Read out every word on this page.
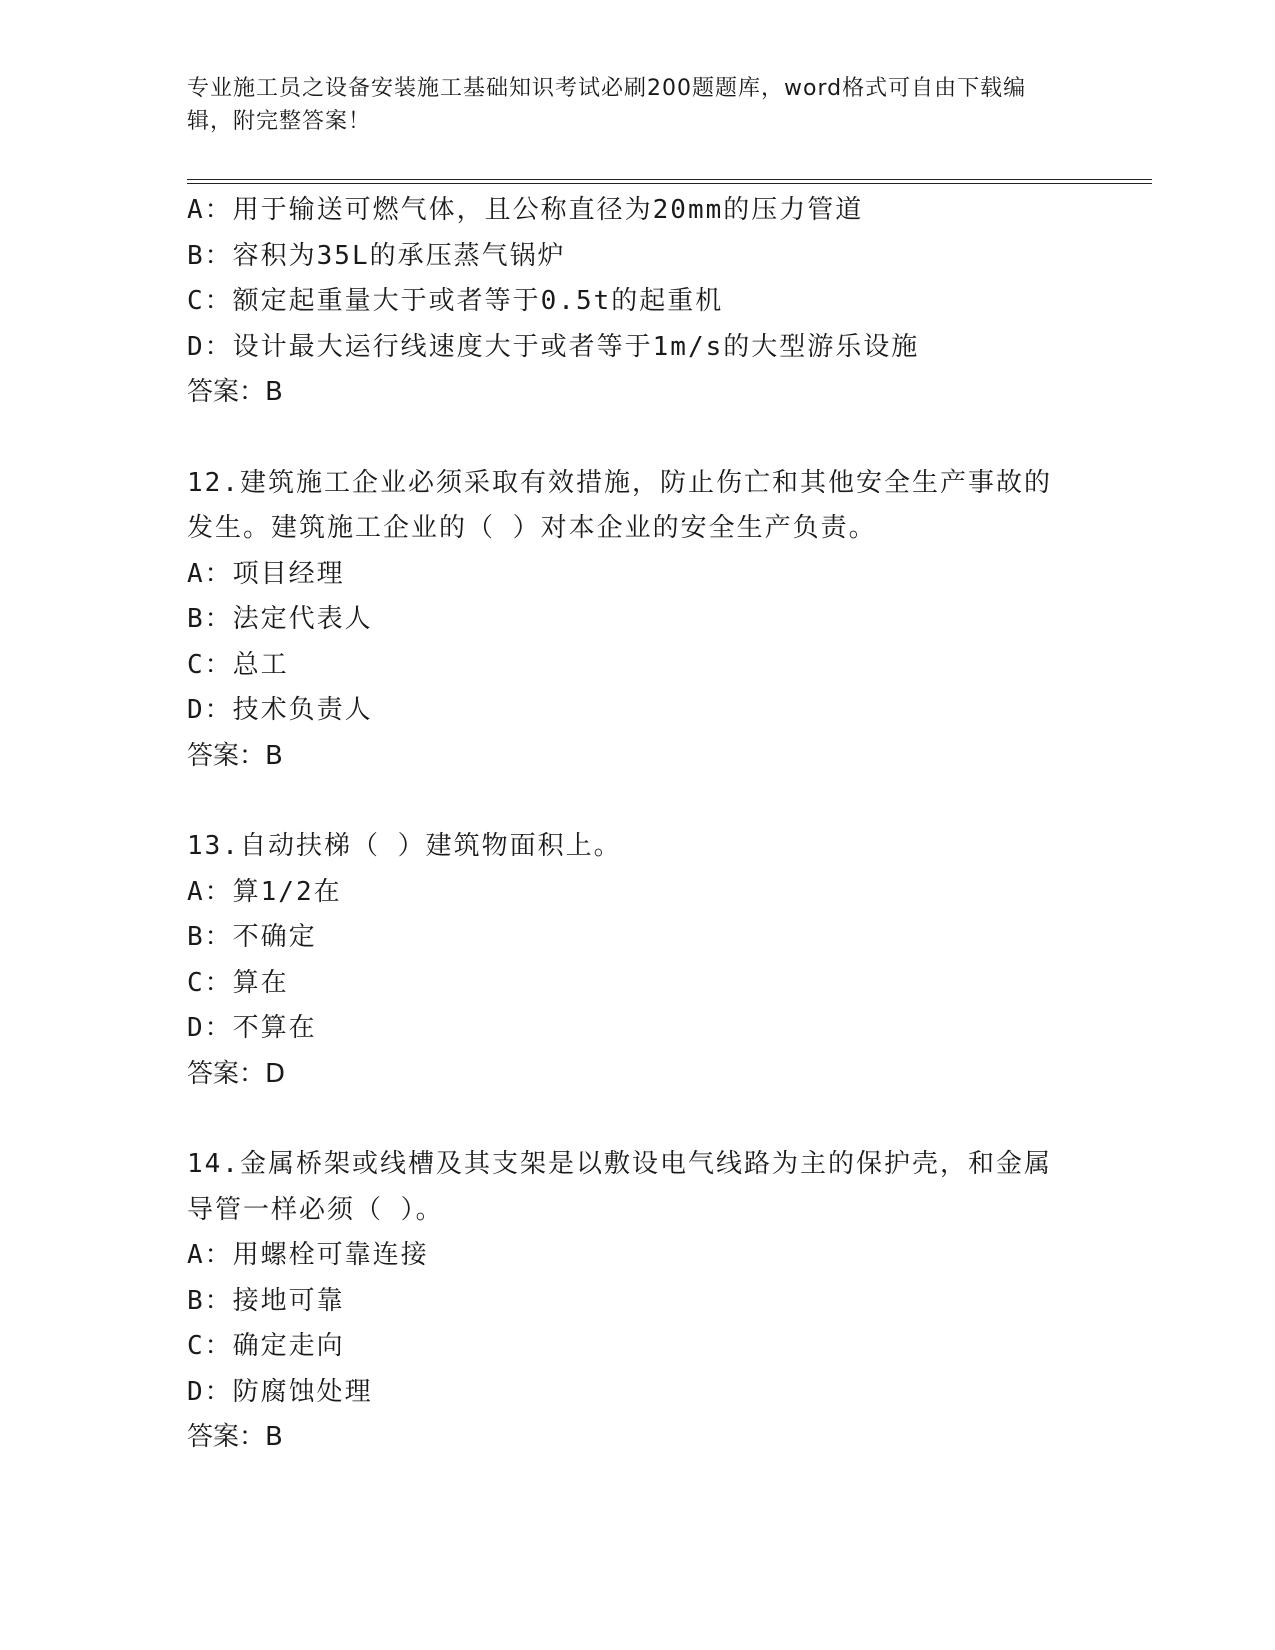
专业施工员之设备安装施工基础知识考试必刷200题题库，word格式可自由下载编辑，附完整答案！
A：用于输送可燃气体，且公称直径为20mm的压力管道
B：容积为35L的承压蒸气锅炉
C：额定起重量大于或者等于0.5t的起重机
D：设计最大运行线速度大于或者等于1m/s的大型游乐设施
答案：B
12.建筑施工企业必须采取有效措施，防止伤亡和其他安全生产事故的
发生。建筑施工企业的（ ）对本企业的安全生产负责。
A：项目经理
B：法定代表人
C：总工
D：技术负责人
答案：B
13.自动扶梯（ ）建筑物面积上。
A：算1/2在
B：不确定
C：算在
D：不算在
答案：D
14.金属桥架或线槽及其支架是以敷设电气线路为主的保护壳，和金属
导管一样必须（ ）。
A：用螺栓可靠连接
B：接地可靠
C：确定走向
D：防腐蚀处理
答案：B
